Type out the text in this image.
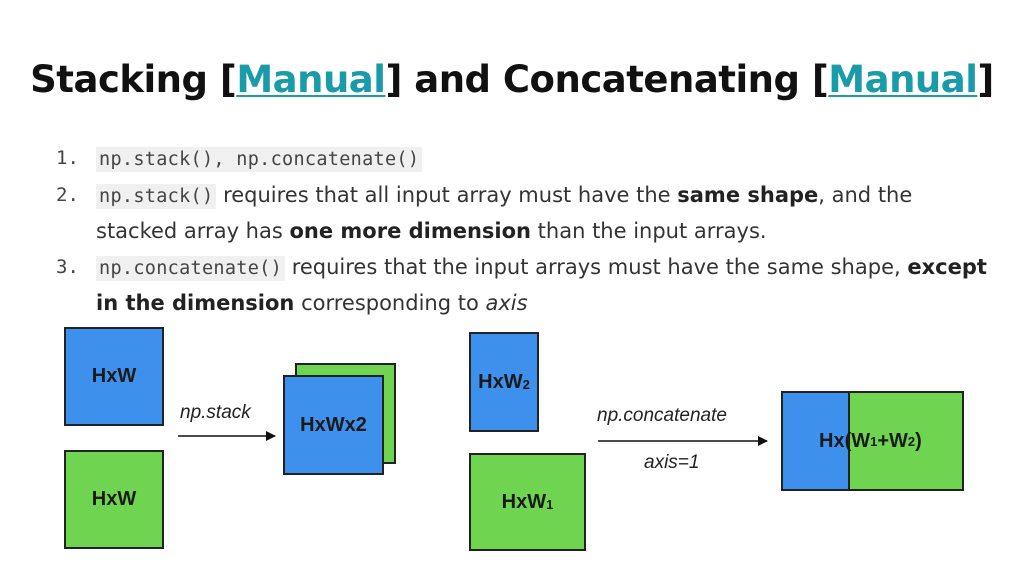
Stacking [Manual] and Concatenating [Manual]
1. np.stack(), np.concatenate()
2. np.stack() requires that all input array must have the same shape, and the stacked array has one more dimension than the input arrays.
3. np.concatenate() requires that the input arrays must have the same shape, except in the dimension corresponding to axis
HxW
HxW
np.stack
HxWx2
HxW$_2$
HxW$_1$
np.concatenate
axis=1
Hx (W 1 +W 2 )
